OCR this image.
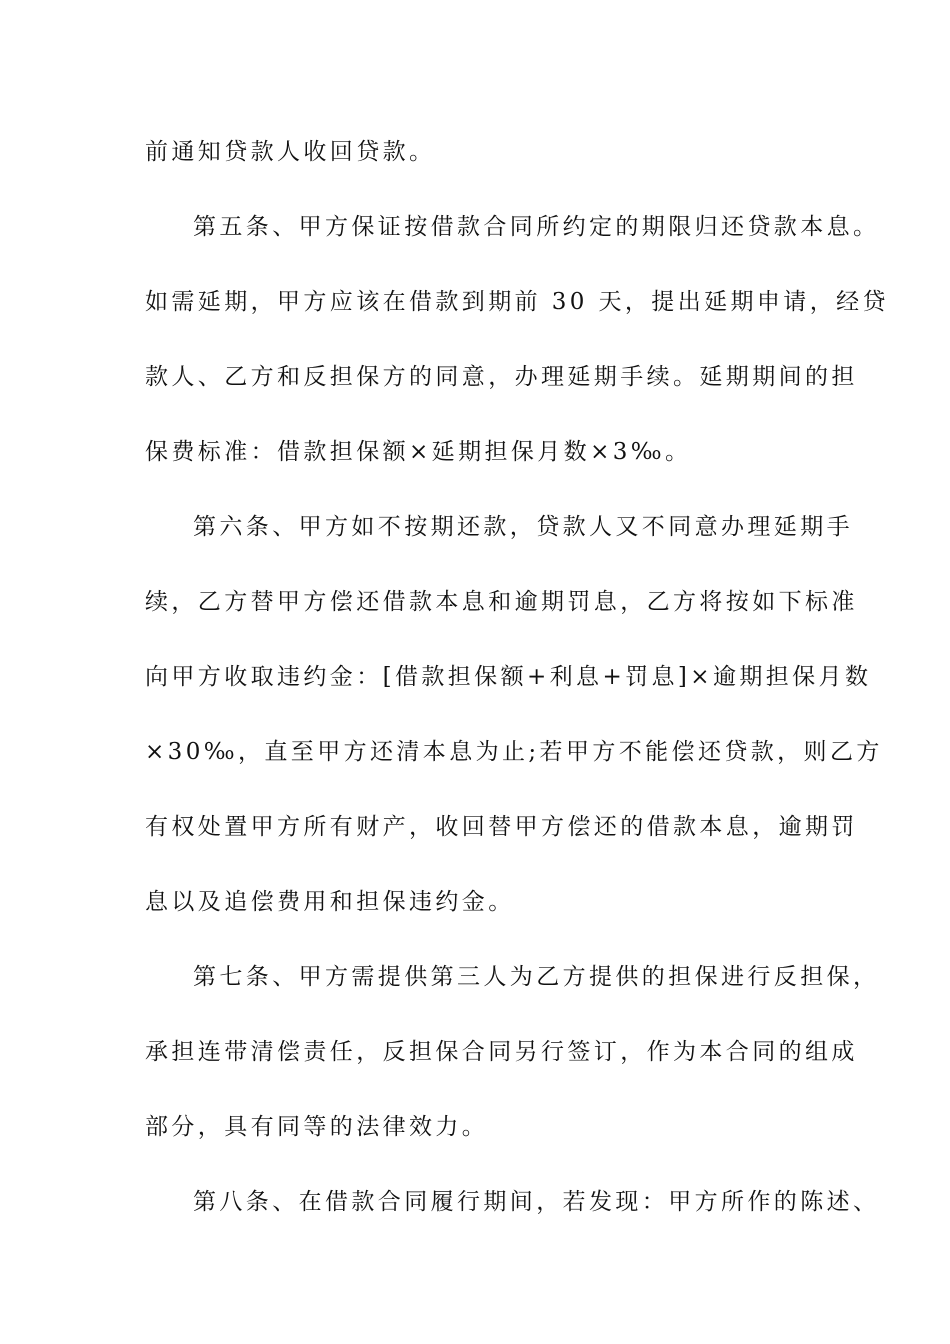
前通知贷款人收回贷款。
第五条、甲方保证按借款合同所约定的期限归还贷款本息。
如需延期，甲方应该在借款到期前 30 天，提出延期申请，经贷
款人、乙方和反担保方的同意，办理延期手续。延期期间的担
保费标准：借款担保额×延期担保月数×3‰。
第六条、甲方如不按期还款，贷款人又不同意办理延期手
续，乙方替甲方偿还借款本息和逾期罚息，乙方将按如下标准
向甲方收取违约金：[借款担保额+利息+罚息]×逾期担保月数
×30‰，直至甲方还清本息为止;若甲方不能偿还贷款，则乙方
有权处置甲方所有财产，收回替甲方偿还的借款本息，逾期罚
息以及追偿费用和担保违约金。
第七条、甲方需提供第三人为乙方提供的担保进行反担保，
承担连带清偿责任，反担保合同另行签订，作为本合同的组成
部分，具有同等的法律效力。
第八条、在借款合同履行期间，若发现：甲方所作的陈述、
